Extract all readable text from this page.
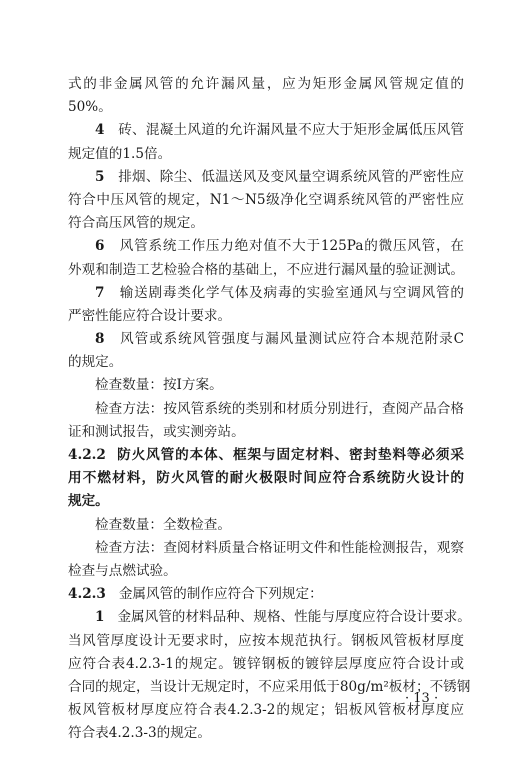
式的非金属风管的允许漏风量，应为矩形金属风管规定值的
50%。
4 砖、混凝土风道的允许漏风量不应大于矩形金属低压风管
规定值的1.5倍。
5 排烟、除尘、低温送风及变风量空调系统风管的严密性应
符合中压风管的规定，N1～N5级净化空调系统风管的严密性应
符合高压风管的规定。
6 风管系统工作压力绝对值不大于125Pa的微压风管，在
外观和制造工艺检验合格的基础上，不应进行漏风量的验证测试。
7 输送剧毒类化学气体及病毒的实验室通风与空调风管的
严密性能应符合设计要求。
8 风管或系统风管强度与漏风量测试应符合本规范附录C
的规定。
检查数量：按Ⅰ方案。
检查方法：按风管系统的类别和材质分别进行，查阅产品合格
证和测试报告，或实测旁站。
4.2.2 防火风管的本体、框架与固定材料、密封垫料等必须采
用不燃材料，防火风管的耐火极限时间应符合系统防火设计的
规定。
检查数量：全数检查。
检查方法：查阅材料质量合格证明文件和性能检测报告，观察
检查与点燃试验。
4.2.3 金属风管的制作应符合下列规定：
1 金属风管的材料品种、规格、性能与厚度应符合设计要求。
当风管厚度设计无要求时，应按本规范执行。钢板风管板材厚度
应符合表4.2.3-1的规定。镀锌钢板的镀锌层厚度应符合设计或
合同的规定，当设计无规定时，不应采用低于80g/m²板材；不锈钢
板风管板材厚度应符合表4.2.3-2的规定；铝板风管板材厚度应
符合表4.2.3-3的规定。
· 13 ·
